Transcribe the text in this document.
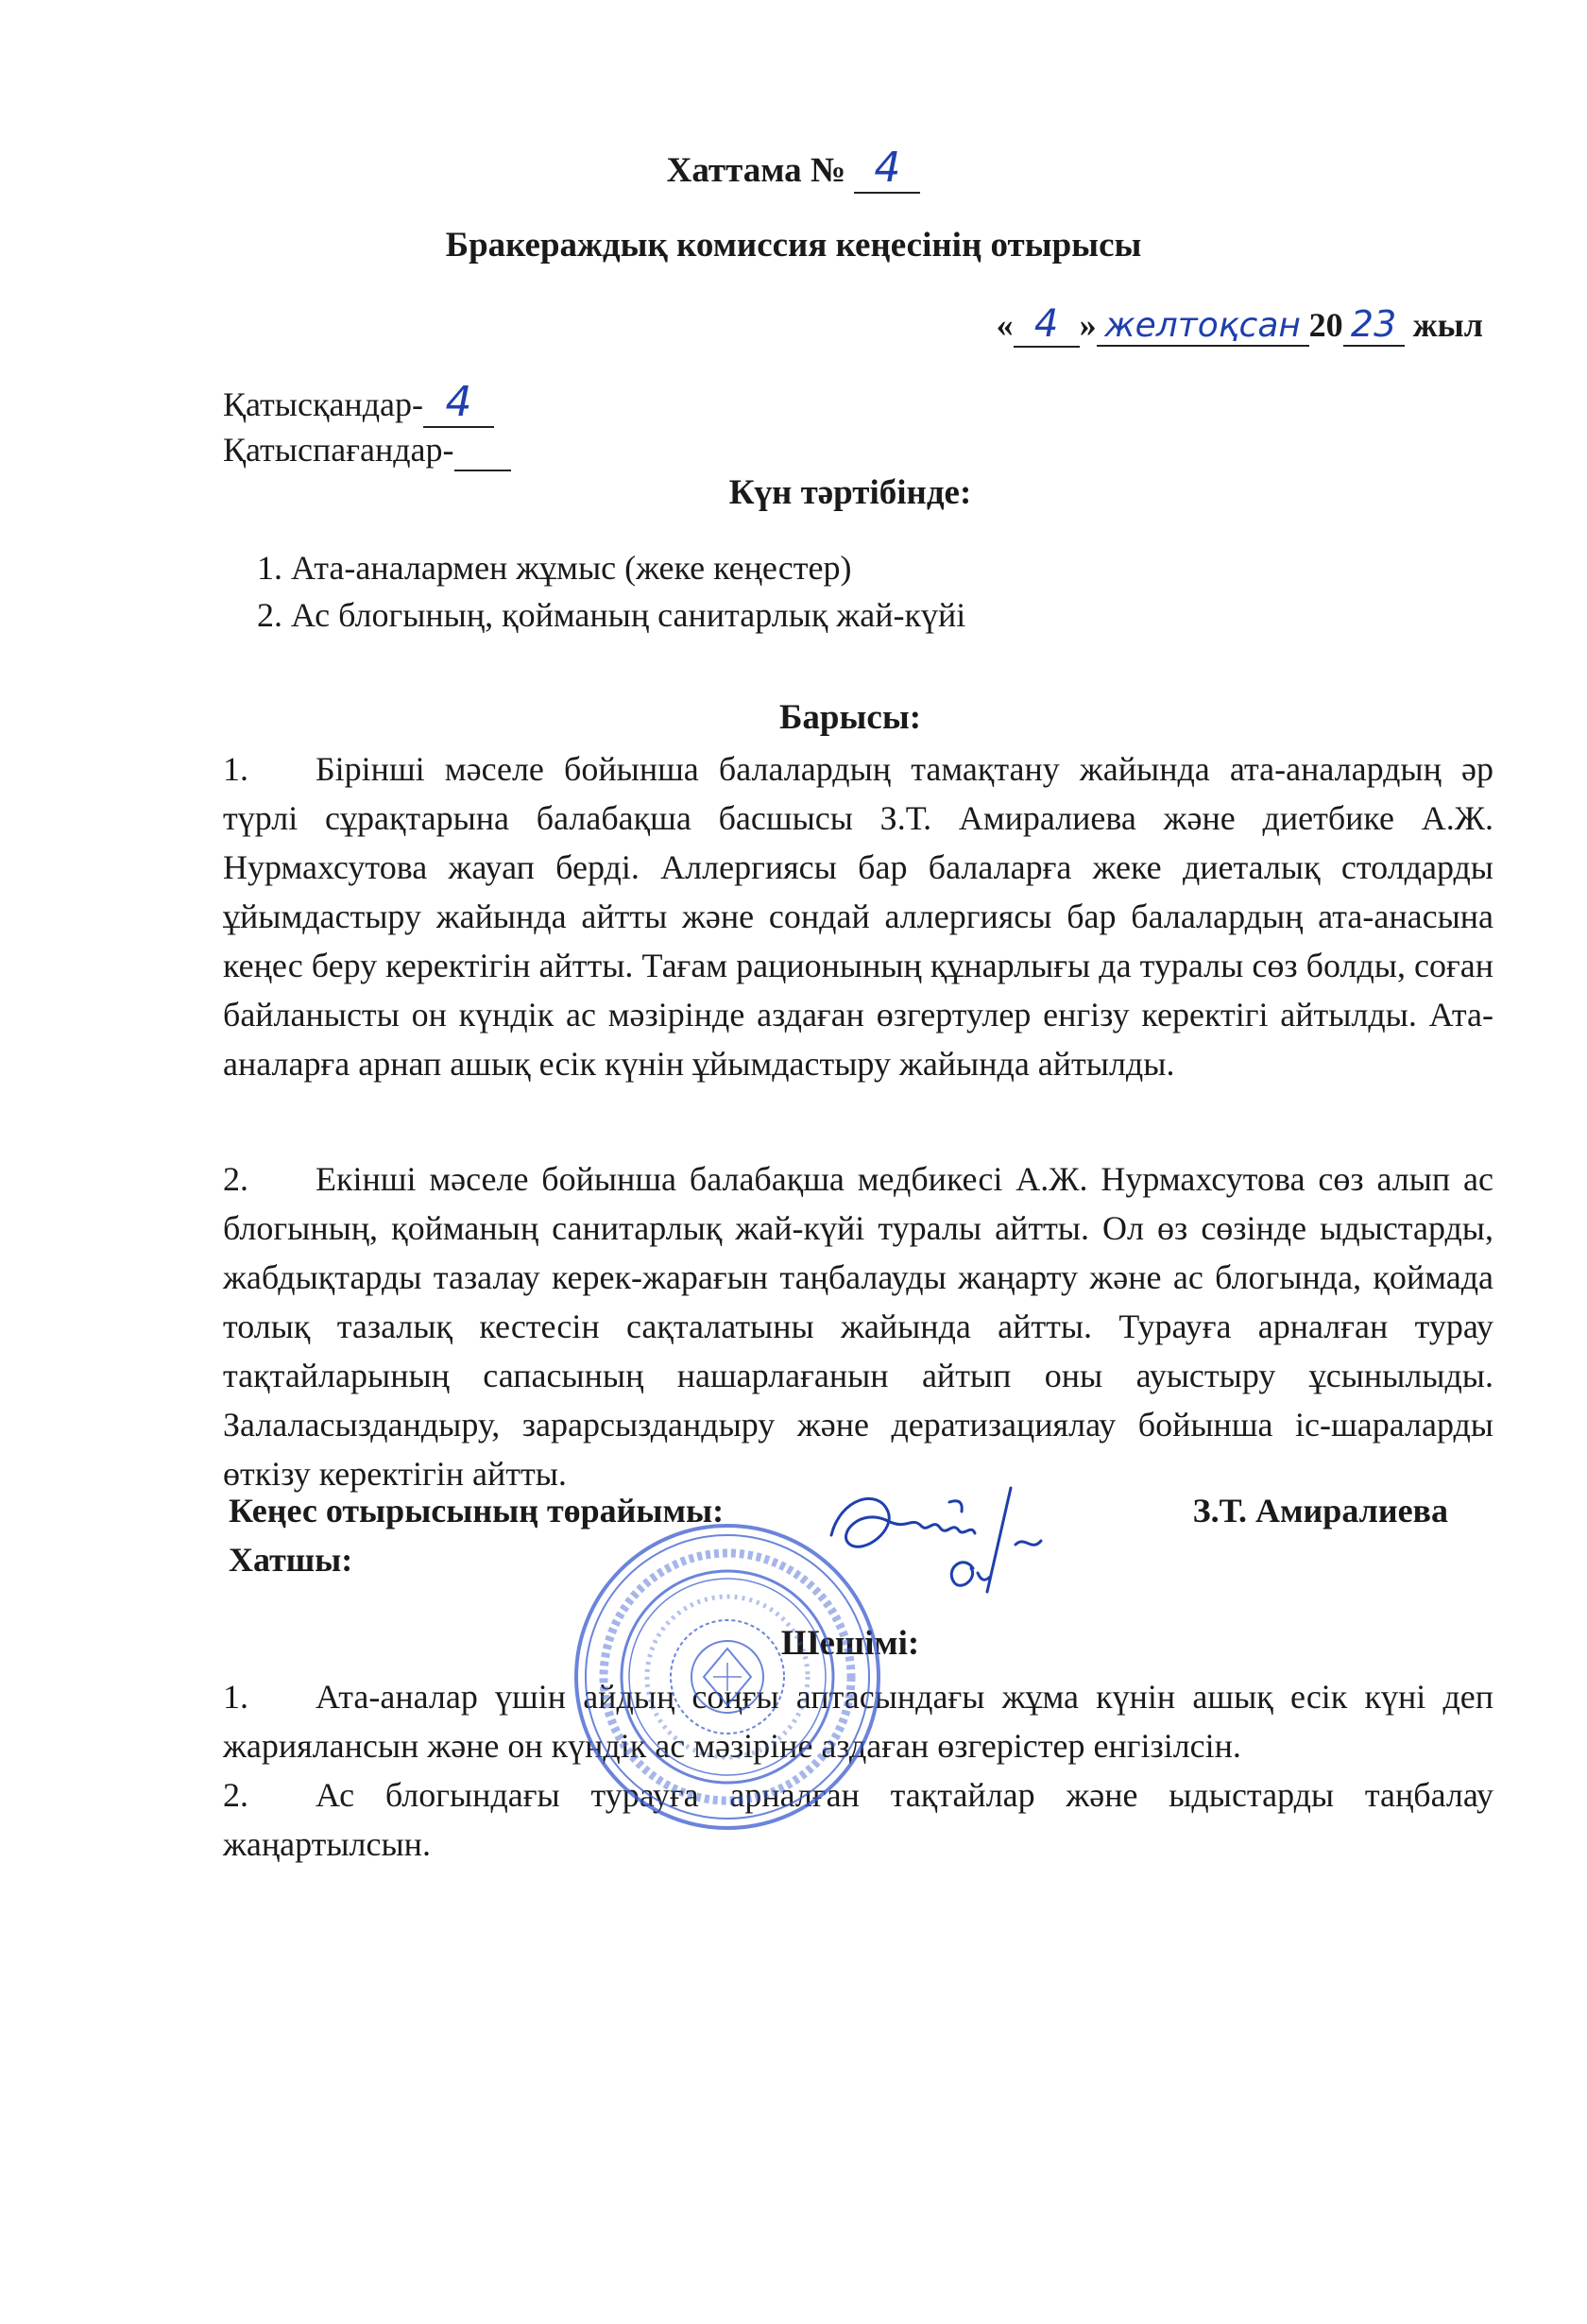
Хаттама № 4
Бракераждық комиссия кеңесінің отырысы
« 4 » желтоқсан 20 23 жыл
Қатысқандар- 4
Қатыспағандар-
Күн тәртібінде:
1. Ата-аналармен жұмыс (жеке кеңестер)
2. Ас блогының, қойманың санитарлық жай-күйі
Барысы:
1. Бірінші мәселе бойынша балалардың тамақтану жайында ата-аналардың әр түрлі сұрақтарына балабақша басшысы З.Т. Амиралиева және диетбике А.Ж. Нурмахсутова жауап берді. Аллергиясы бар балаларға жеке диеталық столдарды ұйымдастыру жайында айтты және сондай аллергиясы бар балалардың ата-анасына кеңес беру керектігін айтты. Тағам рационының құнарлығы да туралы сөз болды, соған байланысты он күндік ас мәзірінде аздаған өзгертулер енгізу керектігі айтылды. Ата-аналарға арнап ашық есік күнін ұйымдастыру жайында айтылды.
2. Екінші мәселе бойынша балабақша медбикесі А.Ж. Нурмахсутова сөз алып ас блогының, қойманың санитарлық жай-күйі туралы айтты. Ол өз сөзінде ыдыстарды, жабдықтарды тазалау керек-жарағын таңбалауды жаңарту және ас блогында, қоймада толық тазалық кестесін сақталатыны жайында айтты. Турауға арналған турау тақтайларының сапасының нашарлағанын айтып оны ауыстыру ұсынылыды. Залаласыздандыру, зарарсыздандыру және дератизациялау бойынша іс-шараларды өткізу керектігін айтты.
Шешімі:
1. Ата-аналар үшін айдың соңғы аптасындағы жұма күнін ашық есік күні деп жариялансын және он күндік ас мәзіріне аздаған өзгерістер енгізілсін.
2. Ас блогындағы турауға арналған тақтайлар және ыдыстарды таңбалау жаңартылсын.
Кеңес отырысының төрайымы:	З.Т. Амиралиева
Хатшы:
